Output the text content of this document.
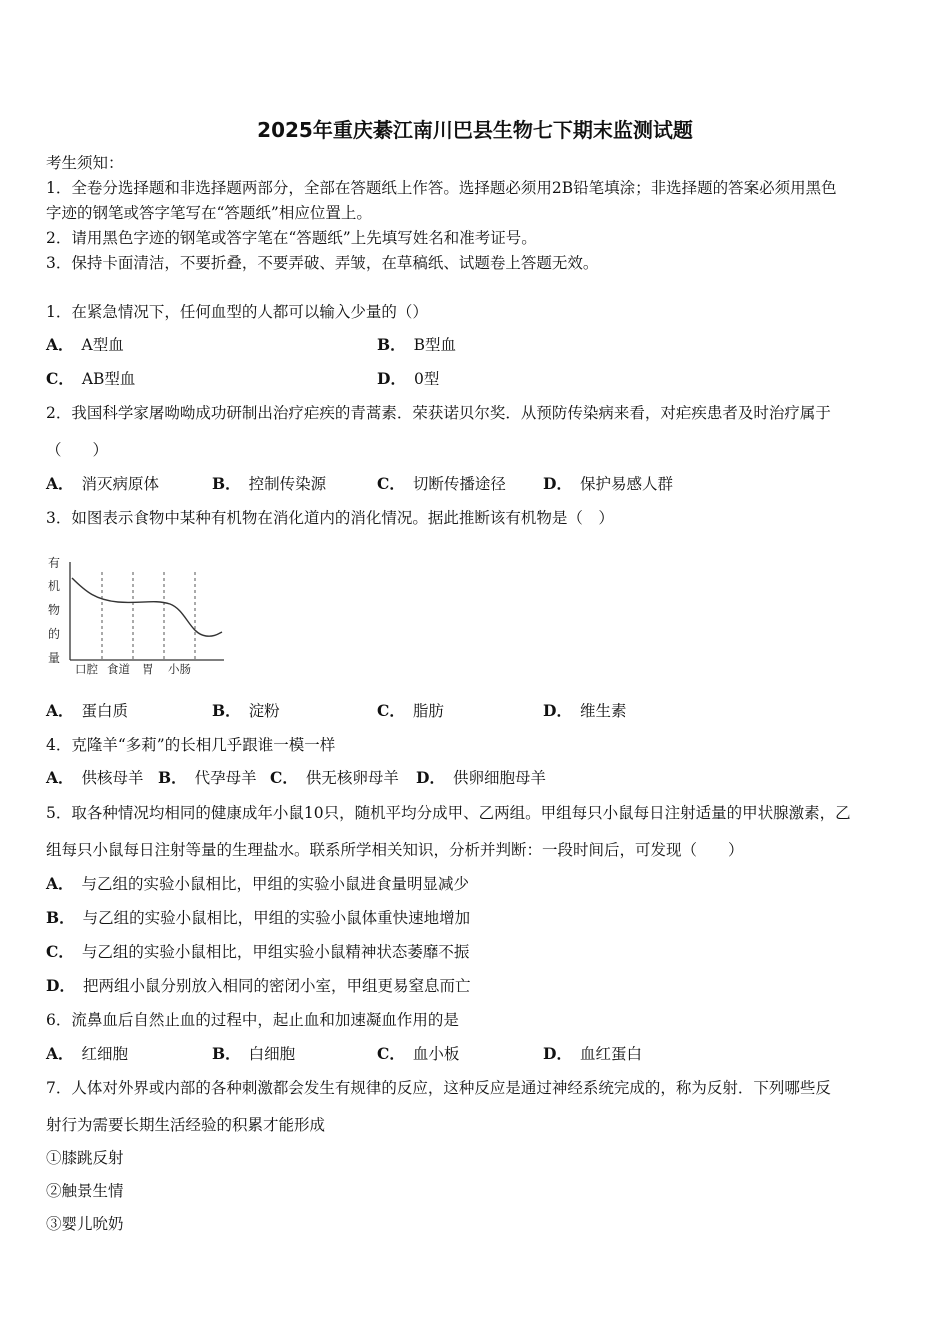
2025年重庆綦江南川巴县生物七下期末监测试题
考生须知：
1．全卷分选择题和非选择题两部分，全部在答题纸上作答。选择题必须用2B铅笔填涂；非选择题的答案必须用黑色
字迹的钢笔或答字笔写在“答题纸”相应位置上。
2．请用黑色字迹的钢笔或答字笔在“答题纸”上先填写姓名和准考证号。
3．保持卡面清洁，不要折叠，不要弄破、弄皱，在草稿纸、试题卷上答题无效。
1．在紧急情况下，任何血型的人都可以输入少量的（）
A． A型血	B． B型血
C． AB型血	D． 0型
2．我国科学家屠呦呦成功研制出治疗疟疾的青蒿素．荣获诺贝尔奖．从预防传染病来看，对疟疾患者及时治疗属于
（　　）
A． 消灭病原体	B． 控制传染源	C． 切断传播途径 D． 保护易感人群
3．如图表示食物中某种有机物在消化道内的消化情况。据此推断该有机物是（　）
有
机
物
的
量
口腔 食道 胃 小肠
A． 蛋白质	B． 淀粉	C． 脂肪	D． 维生素
4．克隆羊“多莉”的长相几乎跟谁一模一样
A． 供核母羊 B． 代孕母羊 C． 供无核卵母羊 D． 供卵细胞母羊
5．取各种情况均相同的健康成年小鼠10只，随机平均分成甲、乙两组。甲组每只小鼠每日注射适量的甲状腺激素，乙
组每只小鼠每日注射等量的生理盐水。联系所学相关知识，分析并判断：一段时间后，可发现（　　）
A． 与乙组的实验小鼠相比，甲组的实验小鼠进食量明显减少
B． 与乙组的实验小鼠相比，甲组的实验小鼠体重快速地增加
C． 与乙组的实验小鼠相比，甲组实验小鼠精神状态萎靡不振
D． 把两组小鼠分别放入相同的密闭小室，甲组更易窒息而亡
6．流鼻血后自然止血的过程中，起止血和加速凝血作用的是
A． 红细胞	B． 白细胞	C． 血小板	D． 血红蛋白
7．人体对外界或内部的各种刺激都会发生有规律的反应，这种反应是通过神经系统完成的，称为反射．下列哪些反
射行为需要长期生活经验的积累才能形成
①膝跳反射
②触景生情
③婴儿吮奶
